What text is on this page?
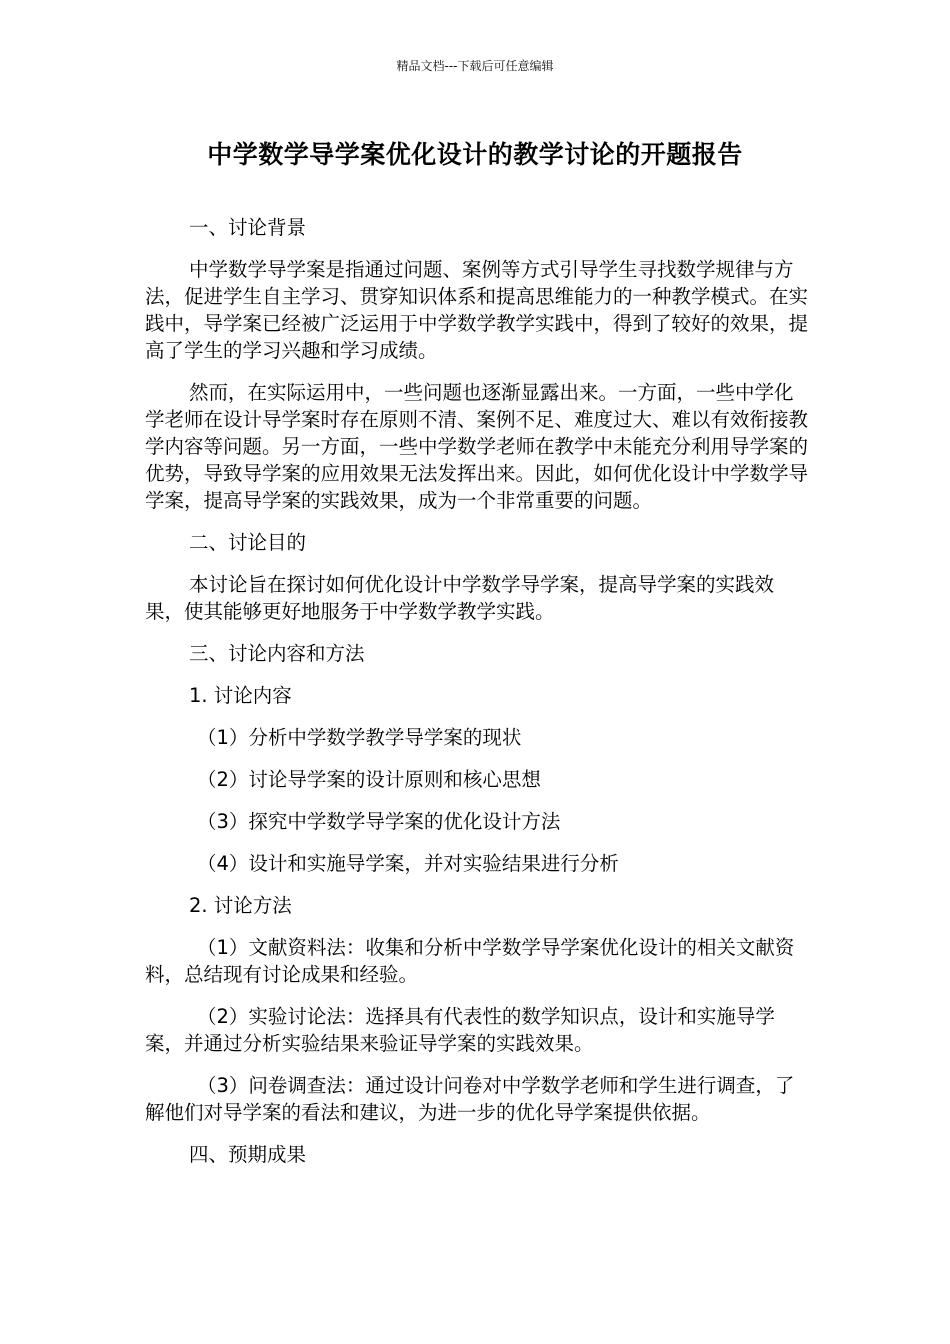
精品文档---下载后可任意编辑
中学数学导学案优化设计的教学讨论的开题报告

一、讨论背景

中学数学导学案是指通过问题、案例等方式引导学生寻找数学规律与方法，促进学生自主学习、贯穿知识体系和提高思维能力的一种教学模式。在实践中，导学案已经被广泛运用于中学数学教学实践中，得到了较好的效果，提高了学生的学习兴趣和学习成绩。

然而，在实际运用中，一些问题也逐渐显露出来。一方面，一些中学化学老师在设计导学案时存在原则不清、案例不足、难度过大、难以有效衔接教学内容等问题。另一方面，一些中学数学老师在教学中未能充分利用导学案的优势，导致导学案的应用效果无法发挥出来。因此，如何优化设计中学数学导学案，提高导学案的实践效果，成为一个非常重要的问题。

二、讨论目的

本讨论旨在探讨如何优化设计中学数学导学案，提高导学案的实践效果，使其能够更好地服务于中学数学教学实践。

三、讨论内容和方法

1. 讨论内容

（1）分析中学数学教学导学案的现状

（2）讨论导学案的设计原则和核心思想

（3）探究中学数学导学案的优化设计方法

（4）设计和实施导学案，并对实验结果进行分析

2. 讨论方法

（1）文献资料法：收集和分析中学数学导学案优化设计的相关文献资料，总结现有讨论成果和经验。

（2）实验讨论法：选择具有代表性的数学知识点，设计和实施导学案，并通过分析实验结果来验证导学案的实践效果。

（3）问卷调查法：通过设计问卷对中学数学老师和学生进行调查，了解他们对导学案的看法和建议，为进一步的优化导学案提供依据。

四、预期成果
